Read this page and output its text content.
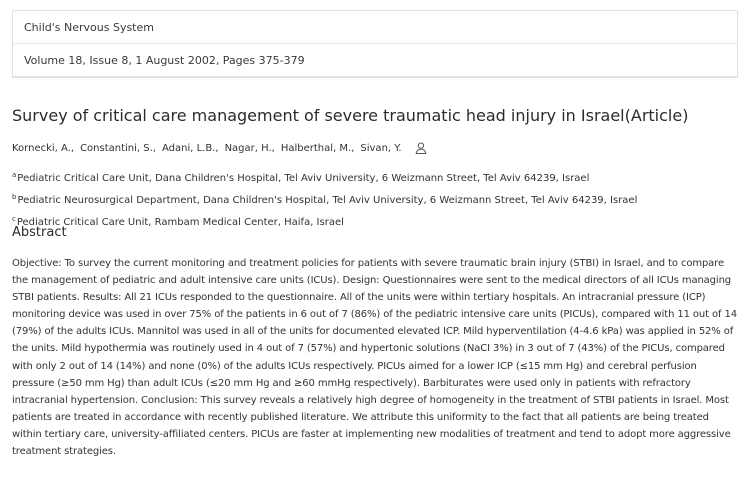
Child's Nervous System
Volume 18, Issue 8, 1 August 2002, Pages 375-379
Survey of critical care management of severe traumatic head injury in Israel(Article)
Kornecki, A., Constantini, S., Adani, L.B., Nagar, H., Halberthal, M., Sivan, Y.
$^a$Pediatric Critical Care Unit, Dana Children's Hospital, Tel Aviv University, 6 Weizmann Street, Tel Aviv 64239, Israel
$^b$Pediatric Neurosurgical Department, Dana Children's Hospital, Tel Aviv University, 6 Weizmann Street, Tel Aviv 64239, Israel
$^c$Pediatric Critical Care Unit, Rambam Medical Center, Haifa, Israel
Abstract

Objective: To survey the current monitoring and treatment policies for patients with severe traumatic brain injury (STBI) in Israel, and to compare the management of pediatric and adult intensive care units (ICUs). Design: Questionnaires were sent to the medical directors of all ICUs managing STBI patients. Results: All 21 ICUs responded to the questionnaire. All of the units were within tertiary hospitals. An intracranial pressure (ICP) monitoring device was used in over 75% of the patients in 6 out of 7 (86%) of the pediatric intensive care units (PICUs), compared with 11 out of 14 (79%) of the adults ICUs. Mannitol was used in all of the units for documented elevated ICP. Mild hyperventilation (4-4.6 kPa) was applied in 52% of the units. Mild hypothermia was routinely used in 4 out of 7 (57%) and hypertonic solutions (NaCI 3%) in 3 out of 7 (43%) of the PICUs, compared with only 2 out of 14 (14%) and none (0%) of the adults ICUs respectively. PICUs aimed for a lower ICP (≤15 mm Hg) and cerebral perfusion pressure (≥50 mm Hg) than adult ICUs (≤20 mm Hg and ≥60 mmHg respectively). Barbiturates were used only in patients with refractory intracranial hypertension. Conclusion: This survey reveals a relatively high degree of homogeneity in the treatment of STBI patients in Israel. Most patients are treated in accordance with recently published literature. We attribute this uniformity to the fact that all patients are being treated within tertiary care, university-affiliated centers. PICUs are faster at implementing new modalities of treatment and tend to adopt more aggressive treatment strategies.
